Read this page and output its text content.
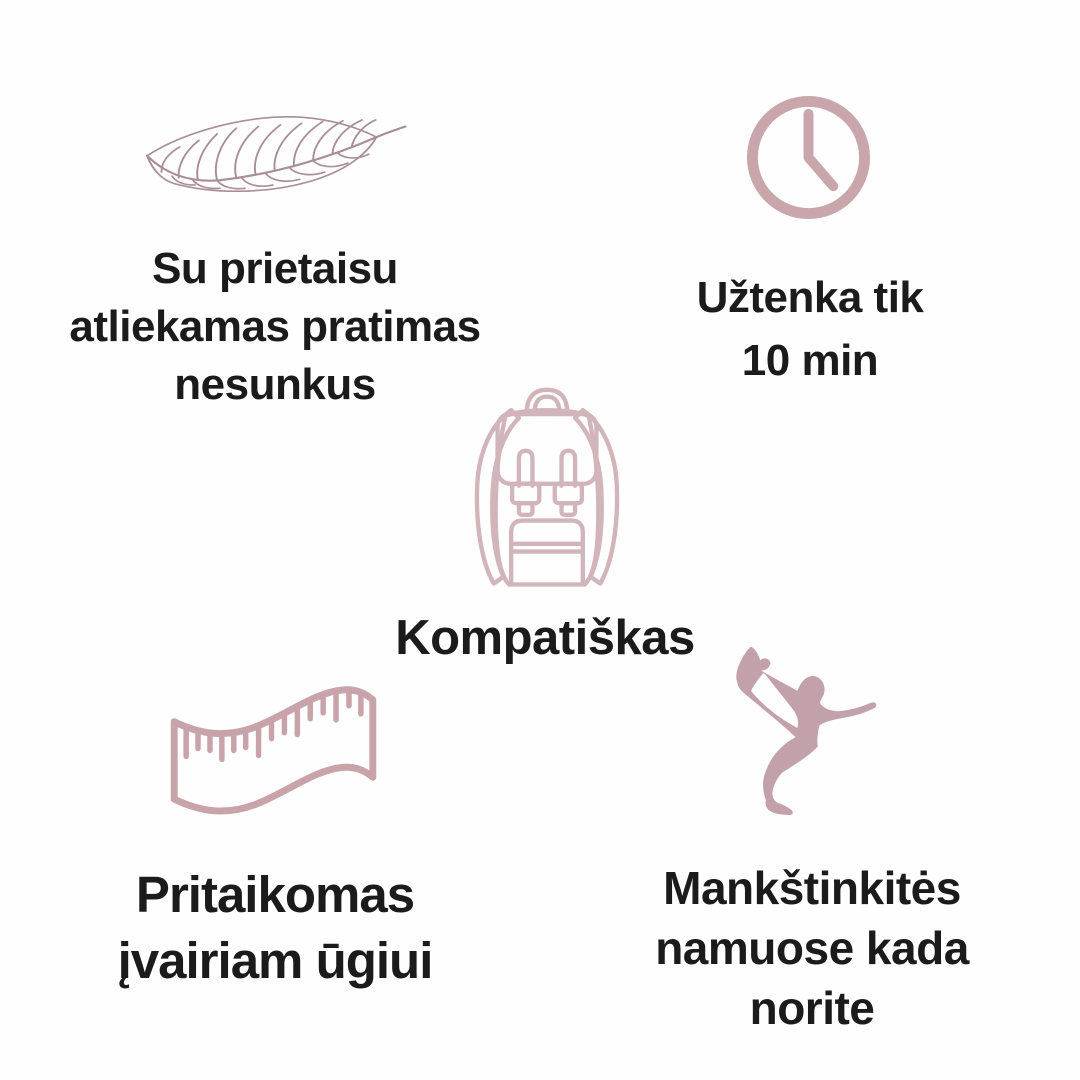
Su prietaisu
atliekamas pratimas
nesunkus
Užtenka tik
10 min
Kompatiškas
Pritaikomas
įvairiam ūgiui
Mankštinkitės
namuose kada
norite
